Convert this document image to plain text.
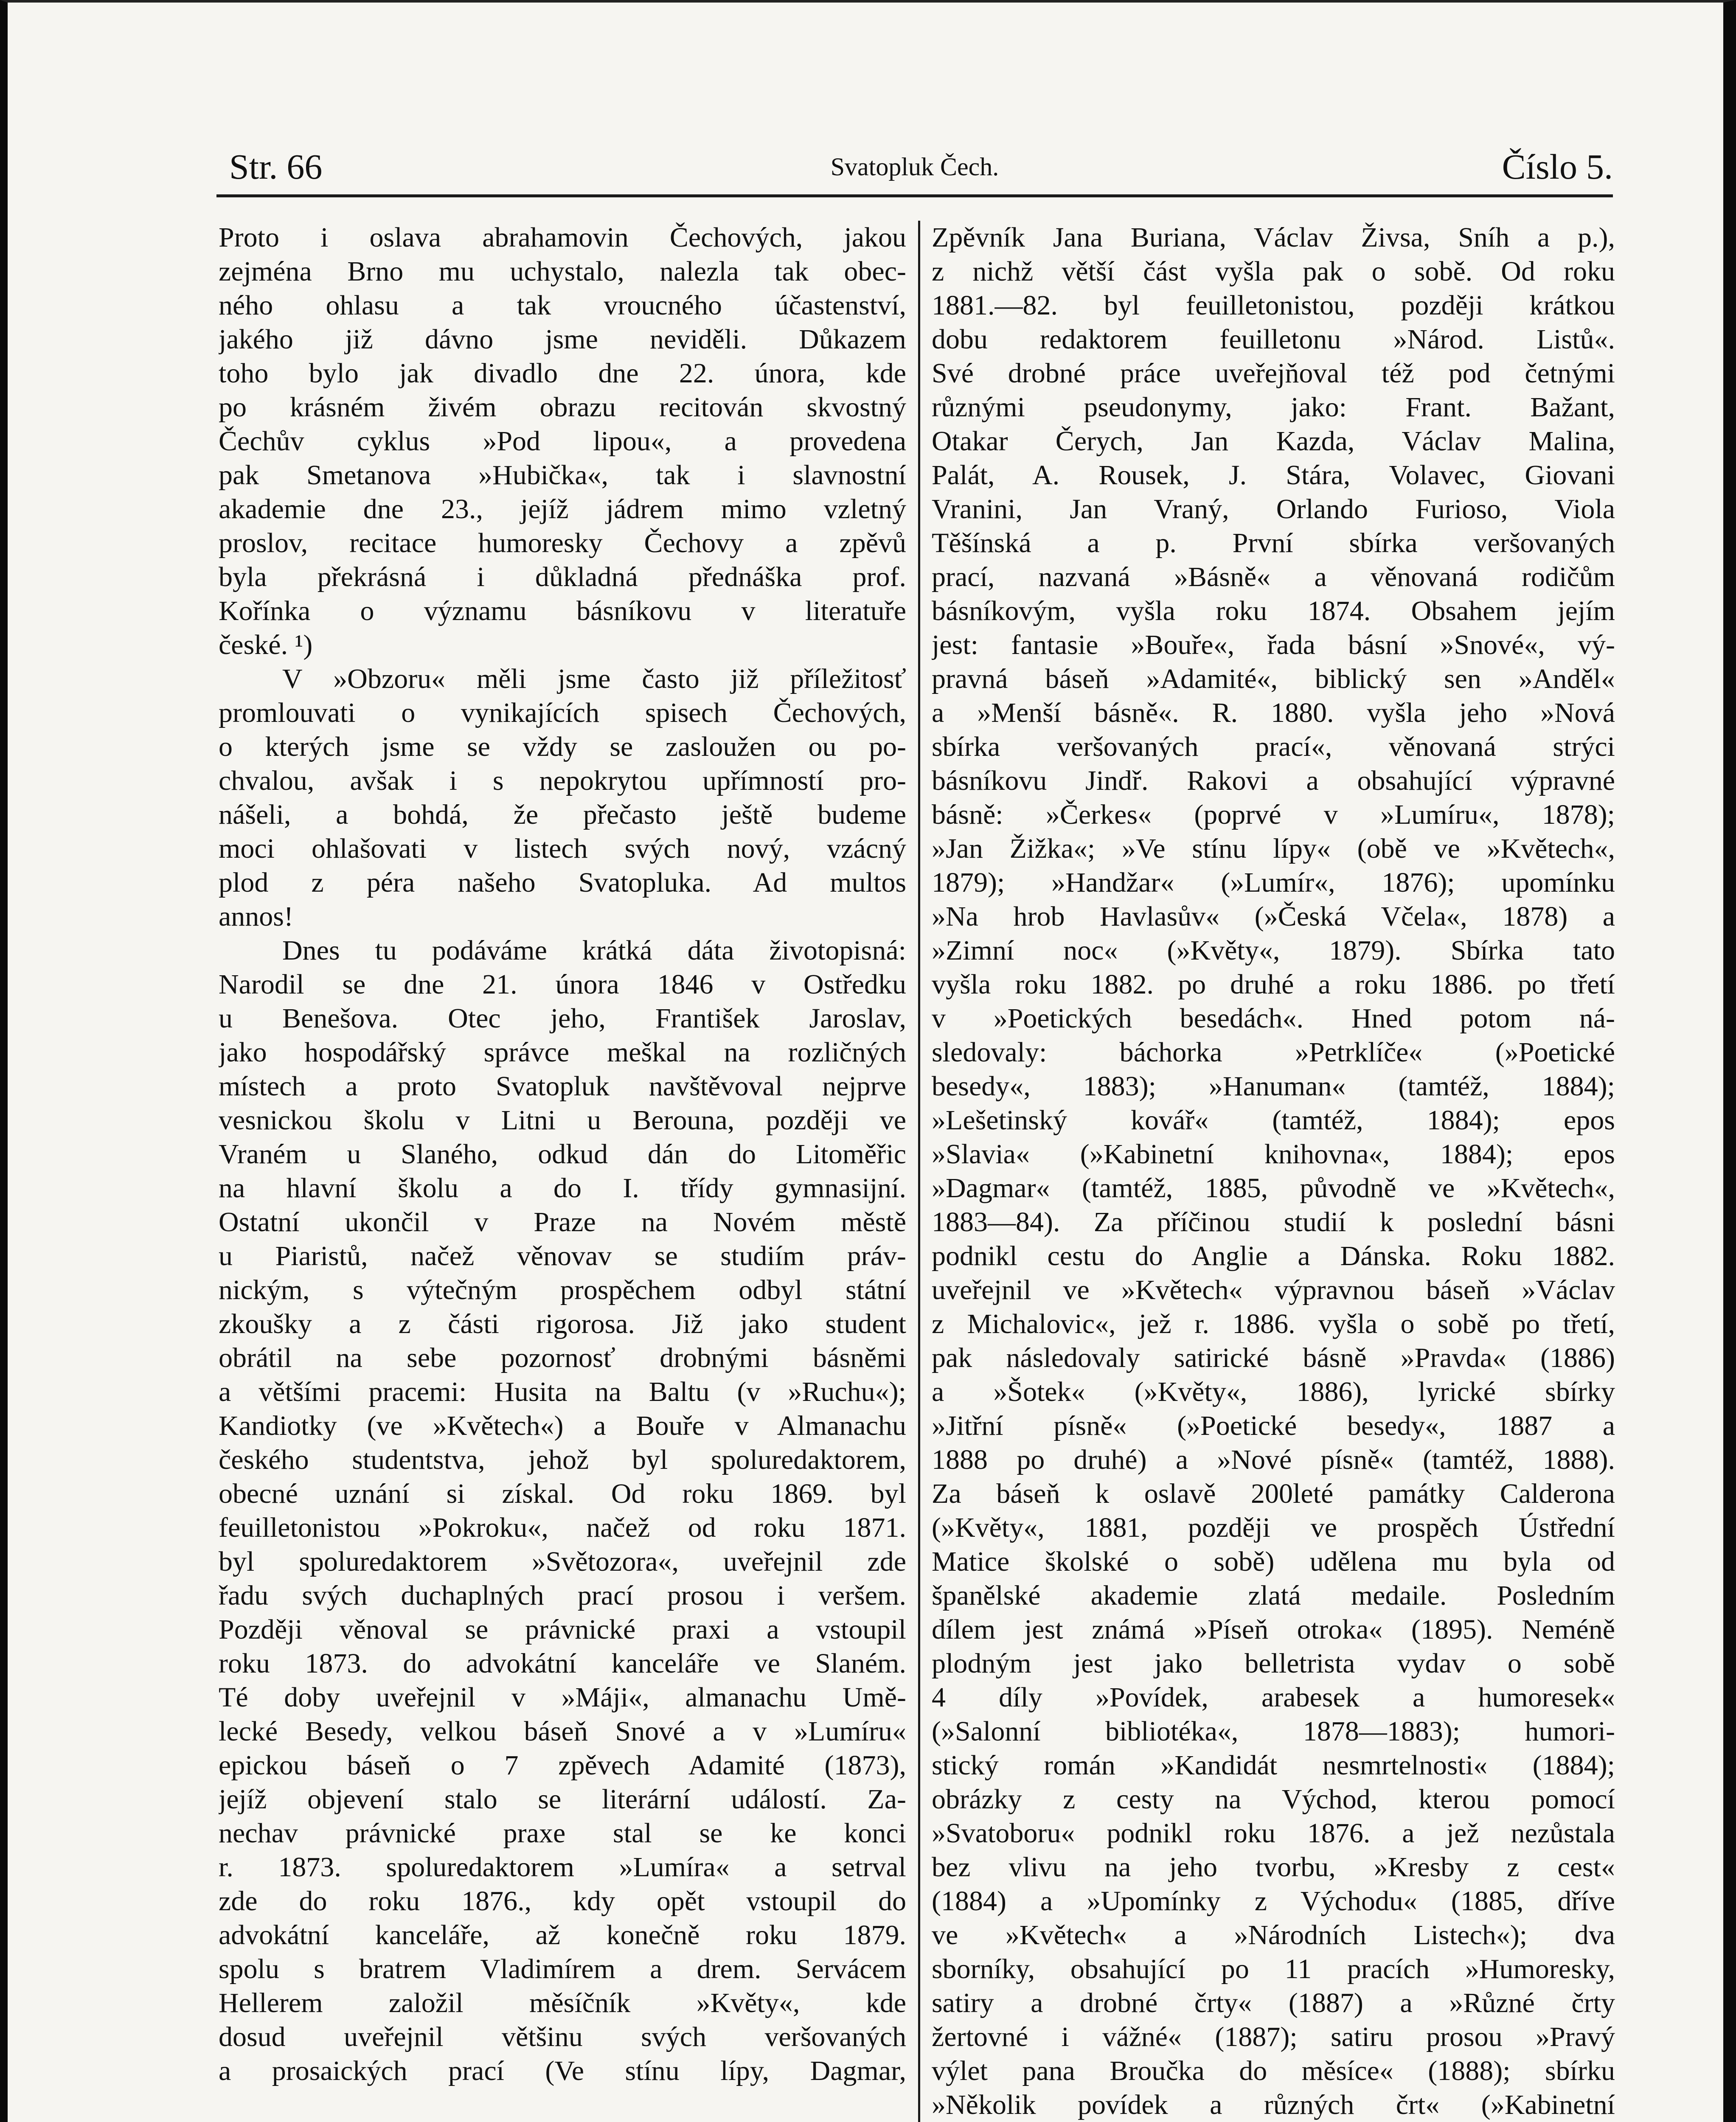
Str. 66	Svatopluk Čech.	Číslo 5.
Proto i oslava abrahamovin Čechových, jakou
zejména Brno mu uchystalo, nalezla tak obec-
ného ohlasu a tak vroucného účastenství,
jakého již dávno jsme neviděli. Důkazem
toho bylo jak divadlo dne 22. února, kde
po krásném živém obrazu recitován skvostný
Čechův cyklus »Pod lipou«, a provedena
pak Smetanova »Hubička«, tak i slavnostní
akademie dne 23., jejíž jádrem mimo vzletný
proslov, recitace humoresky Čechovy a zpěvů
byla překrásná i důkladná přednáška prof.
Kořínka o významu básníkovu v literatuře
české. ¹)
V »Obzoru« měli jsme často již příležitosť
promlouvati o vynikajících spisech Čechových,
o kterých jsme se vždy se zasloužen ou po-
chvalou, avšak i s nepokrytou upřímností pro-
nášeli, a bohdá, že přečasto ještě budeme
moci ohlašovati v listech svých nový, vzácný
plod z péra našeho Svatopluka. Ad multos
annos!
Dnes tu podáváme krátká dáta životopisná:
Narodil se dne 21. února 1846 v Ostředku
u Benešova. Otec jeho, František Jaroslav,
jako hospodářský správce meškal na rozličných
místech a proto Svatopluk navštěvoval nejprve
vesnickou školu v Litni u Berouna, později ve
Vraném u Slaného, odkud dán do Litoměřic
na hlavní školu a do I. třídy gymnasijní.
Ostatní ukončil v Praze na Novém městě
u Piaristů, načež věnovav se studiím práv-
nickým, s výtečným prospěchem odbyl státní
zkoušky a z části rigorosa. Již jako student
obrátil na sebe pozornosť drobnými básněmi
a většími pracemi: Husita na Baltu (v »Ruchu«);
Kandiotky (ve »Květech«) a Bouře v Almanachu
českého studentstva, jehož byl spoluredaktorem,
obecné uznání si získal. Od roku 1869. byl
feuilletonistou »Pokroku«, načež od roku 1871.
byl spoluredaktorem »Světozora«, uveřejnil zde
řadu svých duchaplných prací prosou i veršem.
Později věnoval se právnické praxi a vstoupil
roku 1873. do advokátní kanceláře ve Slaném.
Té doby uveřejnil v »Máji«, almanachu Umě-
lecké Besedy, velkou báseň Snové a v »Lumíru«
epickou báseň o 7 zpěvech Adamité (1873),
jejíž objevení stalo se literární událostí. Za-
nechav právnické praxe stal se ke konci
r. 1873. spoluredaktorem »Lumíra« a setrval
zde do roku 1876., kdy opět vstoupil do
advokátní kanceláře, až konečně roku 1879.
spolu s bratrem Vladimírem a drem. Servácem
Hellerem založil měsíčník »Květy«, kde
dosud uveřejnil většinu svých veršovaných
a prosaických prací (Ve stínu lípy, Dagmar,
Zpěvník Jana Buriana, Václav Živsa, Sníh a p.),
z nichž větší část vyšla pak o sobě. Od roku
1881.—82. byl feuilletonistou, později krátkou
dobu redaktorem feuilletonu »Národ. Listů«.
Své drobné práce uveřejňoval též pod četnými
různými pseudonymy, jako: Frant. Bažant,
Otakar Čerych, Jan Kazda, Václav Malina,
Palát, A. Rousek, J. Stára, Volavec, Giovani
Vranini, Jan Vraný, Orlando Furioso, Viola
Těšínská a p. První sbírka veršovaných
prací, nazvaná »Básně« a věnovaná rodičům
básníkovým, vyšla roku 1874. Obsahem jejím
jest: fantasie »Bouře«, řada básní »Snové«, vý-
pravná báseň »Adamité«, biblický sen »Anděl«
a »Menší básně«. R. 1880. vyšla jeho »Nová
sbírka veršovaných prací«, věnovaná strýci
básníkovu Jindř. Rakovi a obsahující výpravné
básně: »Čerkes« (poprvé v »Lumíru«, 1878);
»Jan Žižka«; »Ve stínu lípy« (obě ve »Květech«,
1879); »Handžar« (»Lumír«, 1876); upomínku
»Na hrob Havlasův« (»Česká Včela«, 1878) a
»Zimní noc« (»Květy«, 1879). Sbírka tato
vyšla roku 1882. po druhé a roku 1886. po třetí
v »Poetických besedách«. Hned potom ná-
sledovaly: báchorka »Petrklíče« (»Poetické
besedy«, 1883); »Hanuman« (tamtéž, 1884);
»Lešetinský kovář« (tamtéž, 1884); epos
»Slavia« (»Kabinetní knihovna«, 1884); epos
»Dagmar« (tamtéž, 1885, původně ve »Květech«,
1883—84). Za příčinou studií k poslední básni
podnikl cestu do Anglie a Dánska. Roku 1882.
uveřejnil ve »Květech« výpravnou báseň »Václav
z Michalovic«, jež r. 1886. vyšla o sobě po třetí,
pak následovaly satirické básně »Pravda« (1886)
a »Šotek« (»Květy«, 1886), lyrické sbírky
»Jitřní písně« (»Poetické besedy«, 1887 a
1888 po druhé) a »Nové písně« (tamtéž, 1888).
Za báseň k oslavě 200leté památky Calderona
(»Květy«, 1881, později ve prospěch Ústřední
Matice školské o sobě) udělena mu byla od
španělské akademie zlatá medaile. Posledním
dílem jest známá »Píseň otroka« (1895). Neméně
plodným jest jako belletrista vydav o sobě
4 díly »Povídek, arabesek a humoresek«
(»Salonní bibliotéka«, 1878—1883); humori-
stický román »Kandidát nesmrtelnosti« (1884);
obrázky z cesty na Východ, kterou pomocí
»Svatoboru« podnikl roku 1876. a jež nezůstala
bez vlivu na jeho tvorbu, »Kresby z cest«
(1884) a »Upomínky z Východu« (1885, dříve
ve »Květech« a »Národních Listech«); dva
sborníky, obsahující po 11 pracích »Humoresky,
satiry a drobné črty« (1887) a »Různé črty
žertovné i vážné« (1887); satiru prosou »Pravý
výlet pana Broučka do měsíce« (1888); sbírku
»Několik povídek a různých črt« (»Kabinetní
